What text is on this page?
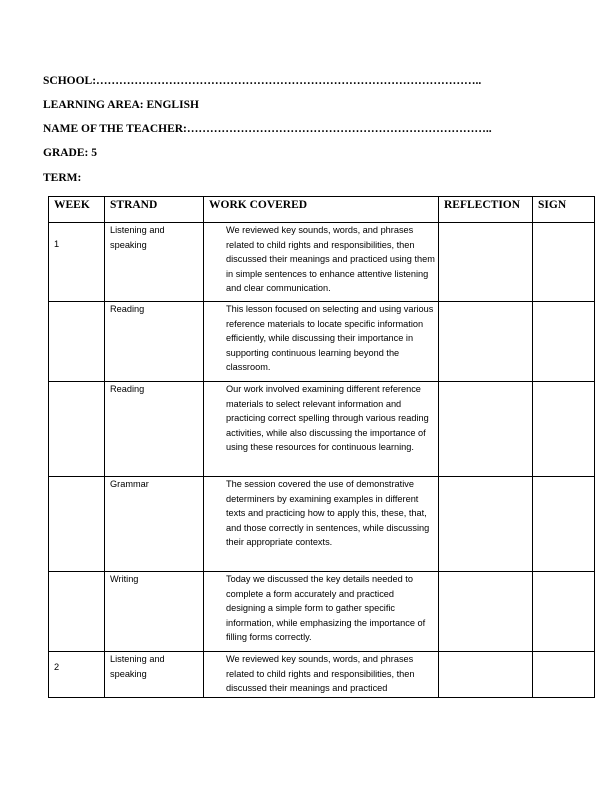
SCHOOL:………………………………………………………………………………………..
LEARNING AREA: ENGLISH
NAME OF THE TEACHER:……………………………………………………………………..
GRADE: 5
TERM:
WEEK	STRAND	WORK COVERED	REFLECTION	SIGN

1	Listening and speaking	We reviewed key sounds, words, and phrases related to child rights and responsibilities, then discussed their meanings and practiced using them in simple sentences to enhance attentive listening and clear communication.		

	Reading	This lesson focused on selecting and using various reference materials to locate specific information efficiently, while discussing their importance in supporting continuous learning beyond the classroom.		

	Reading	Our work involved examining different reference materials to select relevant information and practicing correct spelling through various reading activities, while also discussing the importance of using these resources for continuous learning.		

	Grammar	The session covered the use of demonstrative determiners by examining examples in different texts and practicing how to apply this, these, that, and those correctly in sentences, while discussing their appropriate contexts.		

	Writing	Today we discussed the key details needed to complete a form accurately and practiced designing a simple form to gather specific information, while emphasizing the importance of filling forms correctly.		

2	Listening and speaking	We reviewed key sounds, words, and phrases related to child rights and responsibilities, then discussed their meanings and practiced		
